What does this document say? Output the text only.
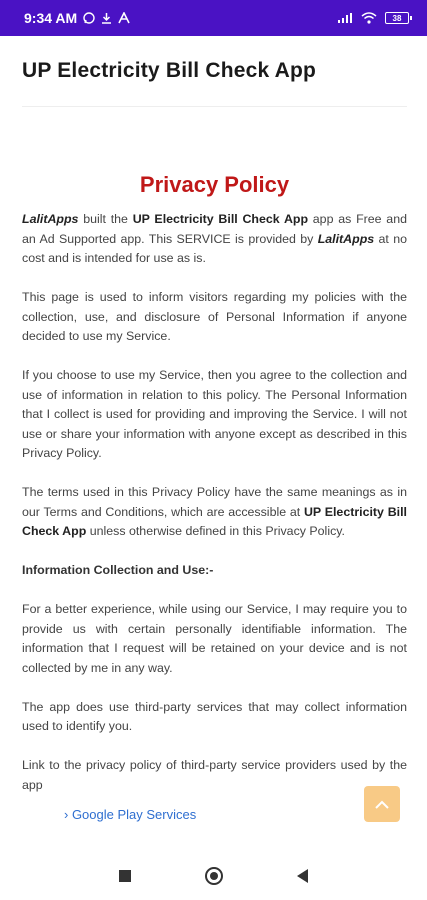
9:34 AM	38
UP Electricity Bill Check App
Privacy Policy

LalitApps built the UP Electricity Bill Check App app as Free and an Ad Supported app. This SERVICE is provided by LalitApps at no cost and is intended for use as is.

This page is used to inform visitors regarding my policies with the collection, use, and disclosure of Personal Information if anyone decided to use my Service.

If you choose to use my Service, then you agree to the collection and use of information in relation to this policy. The Personal Information that I collect is used for providing and improving the Service. I will not use or share your information with anyone except as described in this Privacy Policy.

The terms used in this Privacy Policy have the same meanings as in our Terms and Conditions, which are accessible at UP Electricity Bill Check App unless otherwise defined in this Privacy Policy.

Information Collection and Use:-

For a better experience, while using our Service, I may require you to provide us with certain personally identifiable information. The information that I request will be retained on your device and is not collected by me in any way.

The app does use third-party services that may collect information used to identify you.

Link to the privacy policy of third-party service providers used by the app

› Google Play Services
